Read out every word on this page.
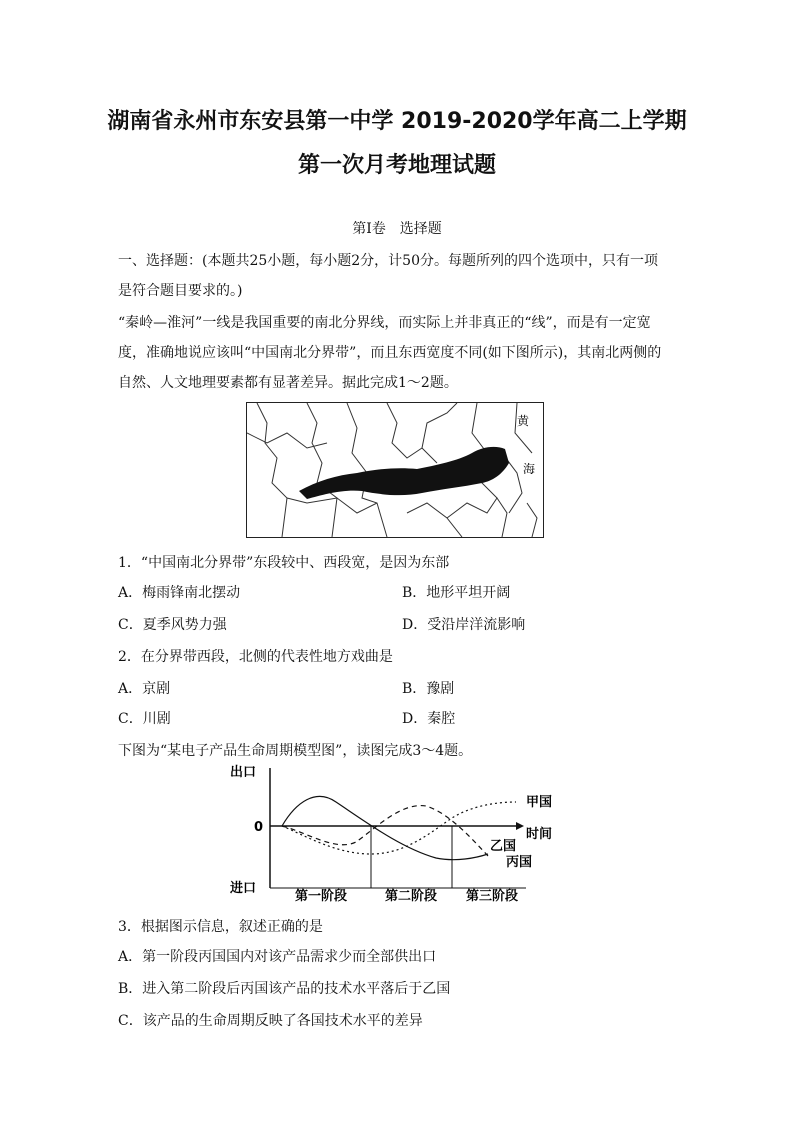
湖南省永州市东安县第一中学 2019-2020学年高二上学期
第一次月考地理试题
第Ⅰ卷　选择题
一、选择题：(本题共25小题，每小题2分，计50分。每题所列的四个选项中，只有一项
是符合题目要求的。)
“秦岭—淮河”一线是我国重要的南北分界线，而实际上并非真正的“线”，而是有一定宽
度，准确地说应该叫“中国南北分界带”，而且东西宽度不同(如下图所示)，其南北两侧的
自然、人文地理要素都有显著差异。据此完成1～2题。
黄
海
1．“中国南北分界带”东段较中、西段宽，是因为东部
A．梅雨锋南北摆动	B．地形平坦开阔
C．夏季风势力强	D．受沿岸洋流影响
2．在分界带西段，北侧的代表性地方戏曲是
A．京剧	B．豫剧
C．川剧	D．秦腔
下图为“某电子产品生命周期模型图”，读图完成3～4题。
出口
进口
0	时间
甲国
乙国
丙国
第一阶段	第二阶段 第三阶段
3．根据图示信息，叙述正确的是
A．第一阶段丙国国内对该产品需求少而全部供出口
B．进入第二阶段后丙国该产品的技术水平落后于乙国
C．该产品的生命周期反映了各国技术水平的差异
